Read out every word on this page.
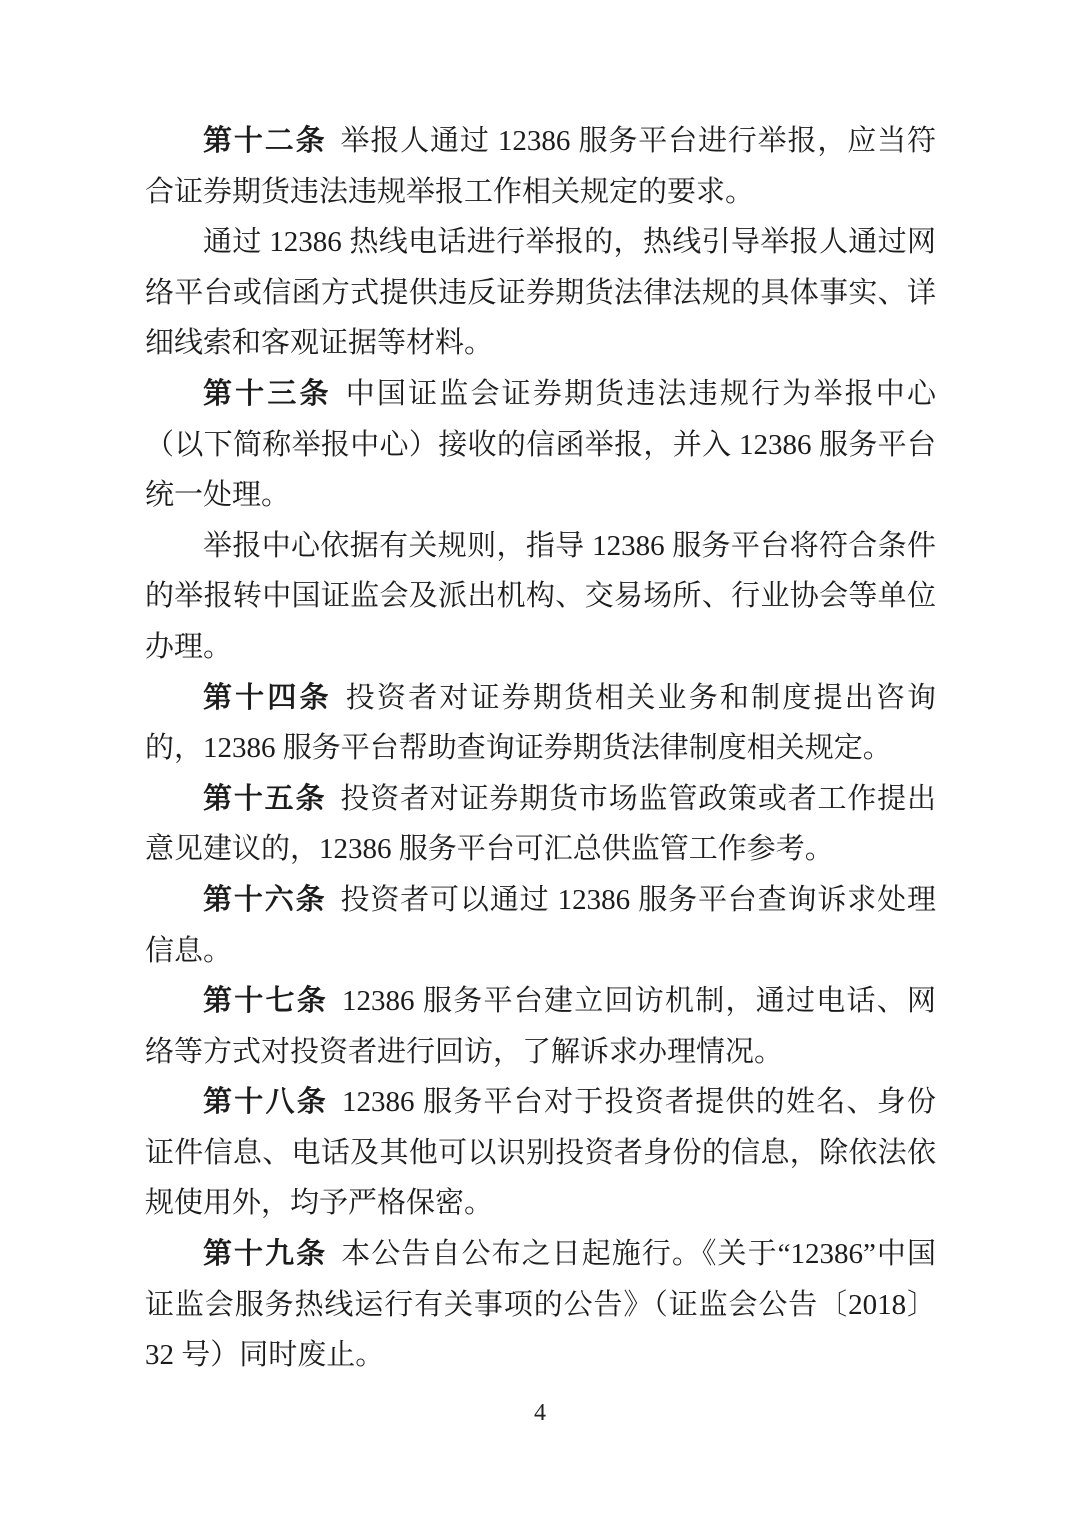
第十二条 举报人通过 12386 服务平台进行举报，应当符合证券期货违法违规举报工作相关规定的要求。

通过 12386 热线电话进行举报的，热线引导举报人通过网络平台或信函方式提供违反证券期货法律法规的具体事实、详细线索和客观证据等材料。

第十三条 中国证监会证券期货违法违规行为举报中心（以下简称举报中心）接收的信函举报，并入 12386 服务平台统一处理。

举报中心依据有关规则，指导 12386 服务平台将符合条件的举报转中国证监会及派出机构、交易场所、行业协会等单位办理。

第十四条 投资者对证券期货相关业务和制度提出咨询的，12386 服务平台帮助查询证券期货法律制度相关规定。

第十五条 投资者对证券期货市场监管政策或者工作提出意见建议的，12386 服务平台可汇总供监管工作参考。

第十六条 投资者可以通过 12386 服务平台查询诉求处理信息。

第十七条 12386 服务平台建立回访机制，通过电话、网络等方式对投资者进行回访，了解诉求办理情况。

第十八条 12386 服务平台对于投资者提供的姓名、身份证件信息、电话及其他可以识别投资者身份的信息，除依法依规使用外，均予严格保密。

第十九条 本公告自公布之日起施行。《关于“12386”中国证监会服务热线运行有关事项的公告》（证监会公告〔2018〕32 号）同时废止。

4
